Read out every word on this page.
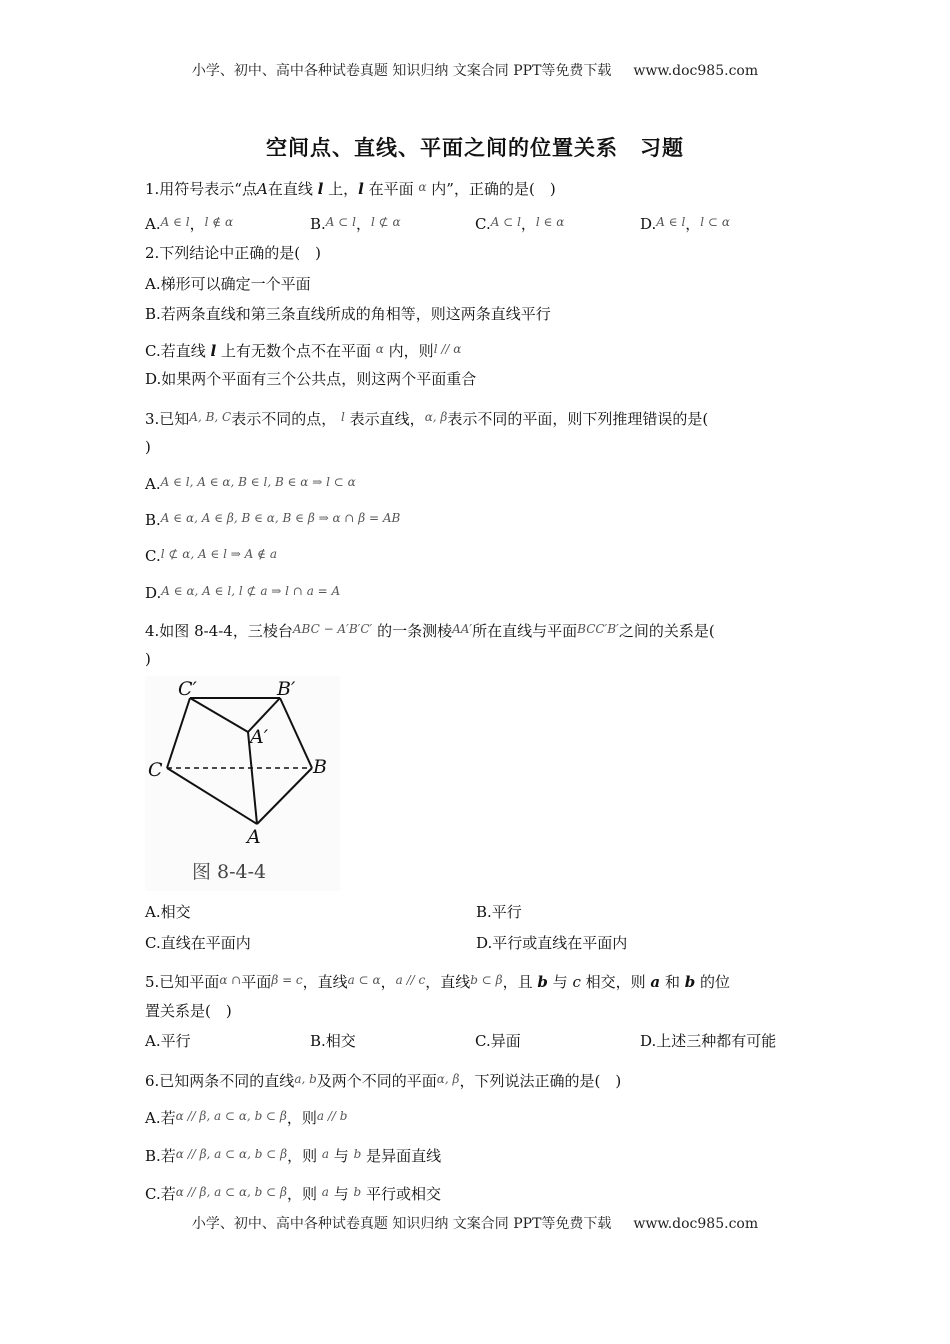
小学、初中、高中各种试卷真题 知识归纳 文案合同 PPT等免费下载 www.doc985.com
空间点、直线、平面之间的位置关系　习题
1.用符号表示“点A在直线 l 上，l 在平面 $^\alpha$ 内”，正确的是(　)
A.$^{A \in l}$，$^{l \notin \alpha}$	B.$^{A \subset l}$，$^{l ⊄ \alpha}$	C.$^{A \subset l}$，$^{l \in \alpha}$	D.$^{A \in l}$，$^{l \subset \alpha}$
2.下列结论中正确的是(　)
A.梯形可以确定一个平面
B.若两条直线和第三条直线所成的角相等，则这两条直线平行
C.若直线 l 上有无数个点不在平面 $^\alpha$ 内，则$^{l // \alpha}$
D.如果两个平面有三个公共点，则这两个平面重合
3.已知$^{A, B, C}$表示不同的点， $^l$ 表示直线，$^{\alpha, \beta}$表示不同的平面，则下列推理错误的是(
)
A.$^{A \in l, A \in \alpha, B \in l, B \in \alpha \Rightarrow l \subset \alpha}$
B.$^{A \in \alpha, A \in \beta, B \in \alpha, B \in \beta \Rightarrow \alpha \cap \beta = AB}$
C.$^{l ⊄ \alpha, A \in l \Rightarrow A \notin a}$
D.$^{A \in \alpha, A \in l, l ⊄ a \Rightarrow l \cap a = A}$
4.如图 8-4-4，三棱台$^{ABC - A'B'C'}$ 的一条测棱$^{AA'}$所在直线与平面$^{BCC'B'}$之间的关系是(
)
C′	B′
A′
C	B
A
图 8-4-4
A.相交	B.平行
C.直线在平面内	D.平行或直线在平面内
5.已知平面$^{\alpha \cap}$平面$^{\beta = c}$，直线$^{a \subset \alpha}$，$^{a // c}$，直线$^{b \subset \beta}$，且 b 与 c 相交，则 a 和 b 的位
置关系是(　)
A.平行	B.相交	C.异面	D.上述三种都有可能
6.已知两条不同的直线$^{a, b}$及两个不同的平面$^{\alpha, \beta}$，下列说法正确的是(　)
A.若$^{\alpha // \beta, a \subset \alpha, b \subset \beta}$，则$^{a // b}$
B.若$^{\alpha // \beta, a \subset \alpha, b \subset \beta}$，则 $^a$ 与 $^b$ 是异面直线
C.若$^{\alpha // \beta, a \subset \alpha, b \subset \beta}$，则 $^a$ 与 $^b$ 平行或相交
小学、初中、高中各种试卷真题 知识归纳 文案合同 PPT等免费下载 www.doc985.com
